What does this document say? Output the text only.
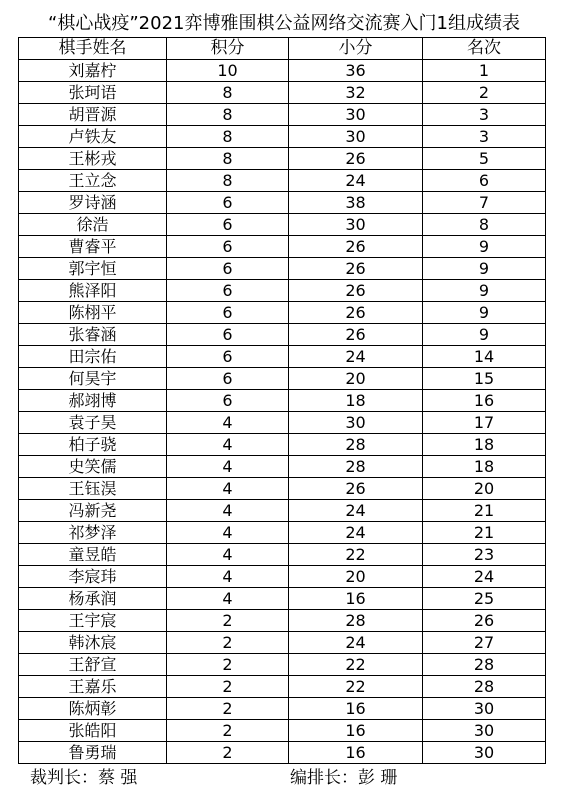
“棋心战疫”2021弈博雅围棋公益网络交流赛入门1组成绩表
棋手姓名	积分	小分	名次
刘嘉柠	10	36	1
张珂语	8	32	2
胡晋源	8	30	3
卢铁友	8	30	3
王彬戎	8	26	5
王立念	8	24	6
罗诗涵	6	38	7
徐浩	6	30	8
曹睿平	6	26	9
郭宇恒	6	26	9
熊泽阳	6	26	9
陈栩平	6	26	9
张睿涵	6	26	9
田宗佑	6	24	14
何昊宇	6	20	15
郝翊博	6	18	16
袁子昊	4	30	17
柏子骁	4	28	18
史笑儒	4	28	18
王钰淏	4	26	20
冯新尧	4	24	21
祁梦泽	4	24	21
童昱皓	4	22	23
李宸玮	4	20	24
杨承润	4	16	25
王宇宸	2	28	26
韩沐宸	2	24	27
王舒宣	2	22	28
王嘉乐	2	22	28
陈炳彰	2	16	30
张皓阳	2	16	30
鲁勇瑞	2	16	30
裁判长：蔡 强	编排长：彭 珊
